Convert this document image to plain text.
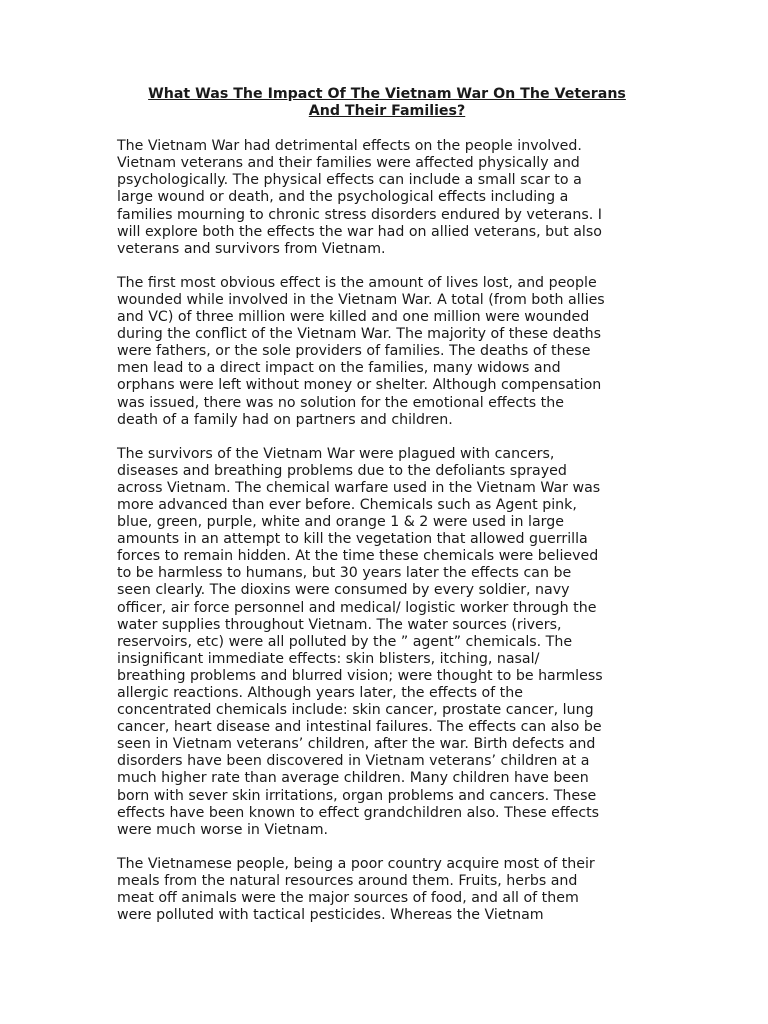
What Was The Impact Of The Vietnam War On The Veterans
And Their Families?

The Vietnam War had detrimental effects on the people involved.
Vietnam veterans and their families were affected physically and
psychologically. The physical effects can include a small scar to a
large wound or death, and the psychological effects including a
families mourning to chronic stress disorders endured by veterans. I
will explore both the effects the war had on allied veterans, but also
veterans and survivors from Vietnam.

The first most obvious effect is the amount of lives lost, and people
wounded while involved in the Vietnam War. A total (from both allies
and VC) of three million were killed and one million were wounded
during the conflict of the Vietnam War. The majority of these deaths
were fathers, or the sole providers of families. The deaths of these
men lead to a direct impact on the families, many widows and
orphans were left without money or shelter. Although compensation
was issued, there was no solution for the emotional effects the
death of a family had on partners and children.

The survivors of the Vietnam War were plagued with cancers,
diseases and breathing problems due to the defoliants sprayed
across Vietnam. The chemical warfare used in the Vietnam War was
more advanced than ever before. Chemicals such as Agent pink,
blue, green, purple, white and orange 1 & 2 were used in large
amounts in an attempt to kill the vegetation that allowed guerrilla
forces to remain hidden. At the time these chemicals were believed
to be harmless to humans, but 30 years later the effects can be
seen clearly. The dioxins were consumed by every soldier, navy
officer, air force personnel and medical/ logistic worker through the
water supplies throughout Vietnam. The water sources (rivers,
reservoirs, etc) were all polluted by the ” agent” chemicals. The
insignificant immediate effects: skin blisters, itching, nasal/
breathing problems and blurred vision; were thought to be harmless
allergic reactions. Although years later, the effects of the
concentrated chemicals include: skin cancer, prostate cancer, lung
cancer, heart disease and intestinal failures. The effects can also be
seen in Vietnam veterans’ children, after the war. Birth defects and
disorders have been discovered in Vietnam veterans’ children at a
much higher rate than average children. Many children have been
born with sever skin irritations, organ problems and cancers. These
effects have been known to effect grandchildren also. These effects
were much worse in Vietnam.

The Vietnamese people, being a poor country acquire most of their
meals from the natural resources around them. Fruits, herbs and
meat off animals were the major sources of food, and all of them
were polluted with tactical pesticides. Whereas the Vietnam
